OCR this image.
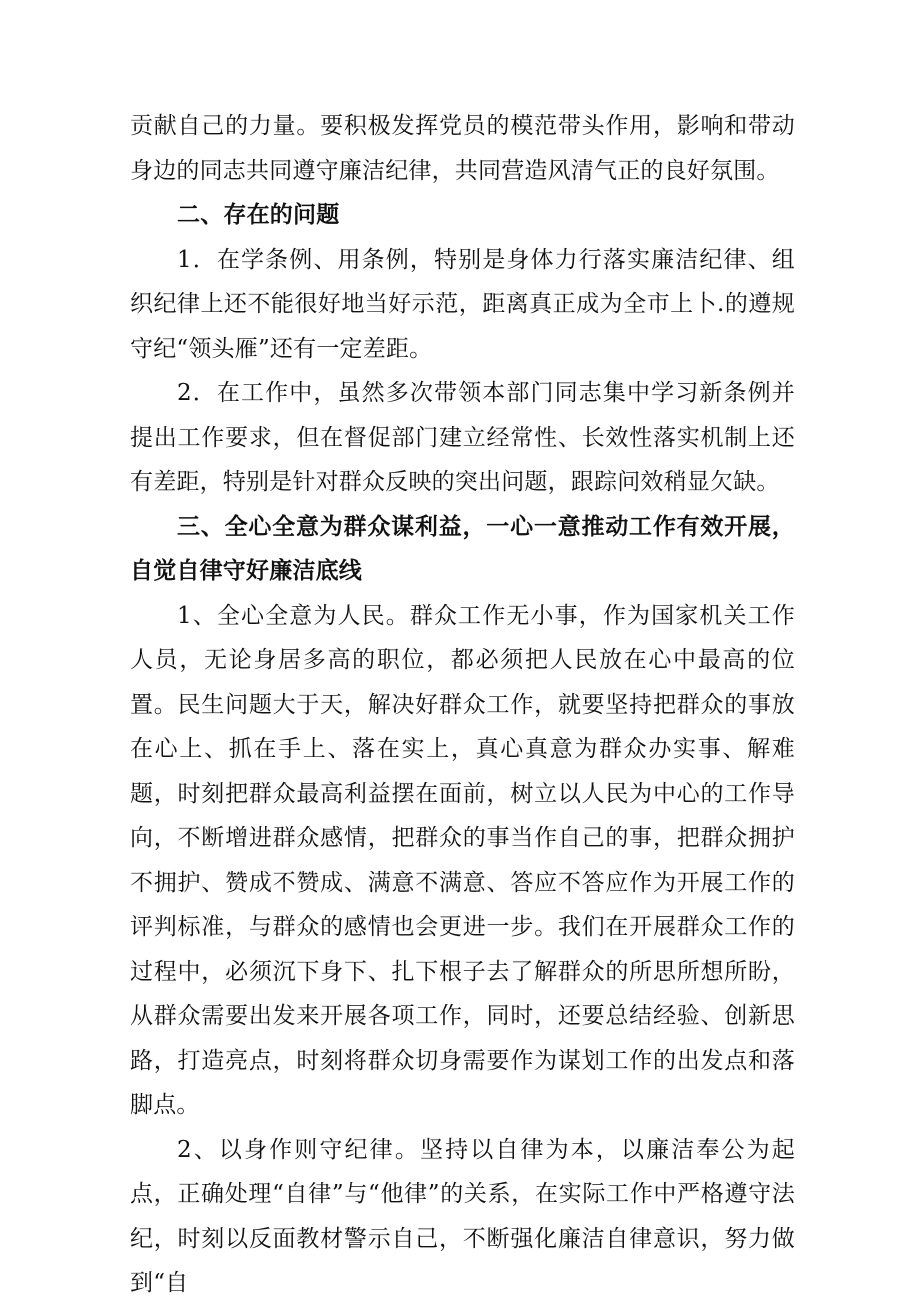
贡献自己的力量。要积极发挥党员的模范带头作用，影响和带动身边的同志共同遵守廉洁纪律，共同营造风清气正的良好氛围。

二、存在的问题

1．在学条例、用条例，特别是身体力行落实廉洁纪律、组织纪律上还不能很好地当好示范，距离真正成为全市上卜.的遵规守纪“领头雁”还有一定差距。

2．在工作中，虽然多次带领本部门同志集中学习新条例并提出工作要求，但在督促部门建立经常性、长效性落实机制上还有差距，特别是针对群众反映的突出问题，跟踪问效稍显欠缺。

三、全心全意为群众谋利益，一心一意推动工作有效开展，自觉自律守好廉洁底线

1、全心全意为人民。群众工作无小事，作为国家机关工作人员，无论身居多高的职位，都必须把人民放在心中最高的位置。民生问题大于天，解决好群众工作，就要坚持把群众的事放在心上、抓在手上、落在实上，真心真意为群众办实事、解难题，时刻把群众最高利益摆在面前，树立以人民为中心的工作导向，不断增进群众感情，把群众的事当作自己的事，把群众拥护不拥护、赞成不赞成、满意不满意、答应不答应作为开展工作的评判标准，与群众的感情也会更进一步。我们在开展群众工作的过程中，必须沉下身下、扎下根子去了解群众的所思所想所盼，从群众需要出发来开展各项工作，同时，还要总结经验、创新思路，打造亮点，时刻将群众切身需要作为谋划工作的出发点和落脚点。

2、以身作则守纪律。坚持以自律为本，以廉洁奉公为起点，正确处理“自律”与“他律”的关系，在实际工作中严格遵守法纪，时刻以反面教材警示自己，不断强化廉洁自律意识，努力做到“自
